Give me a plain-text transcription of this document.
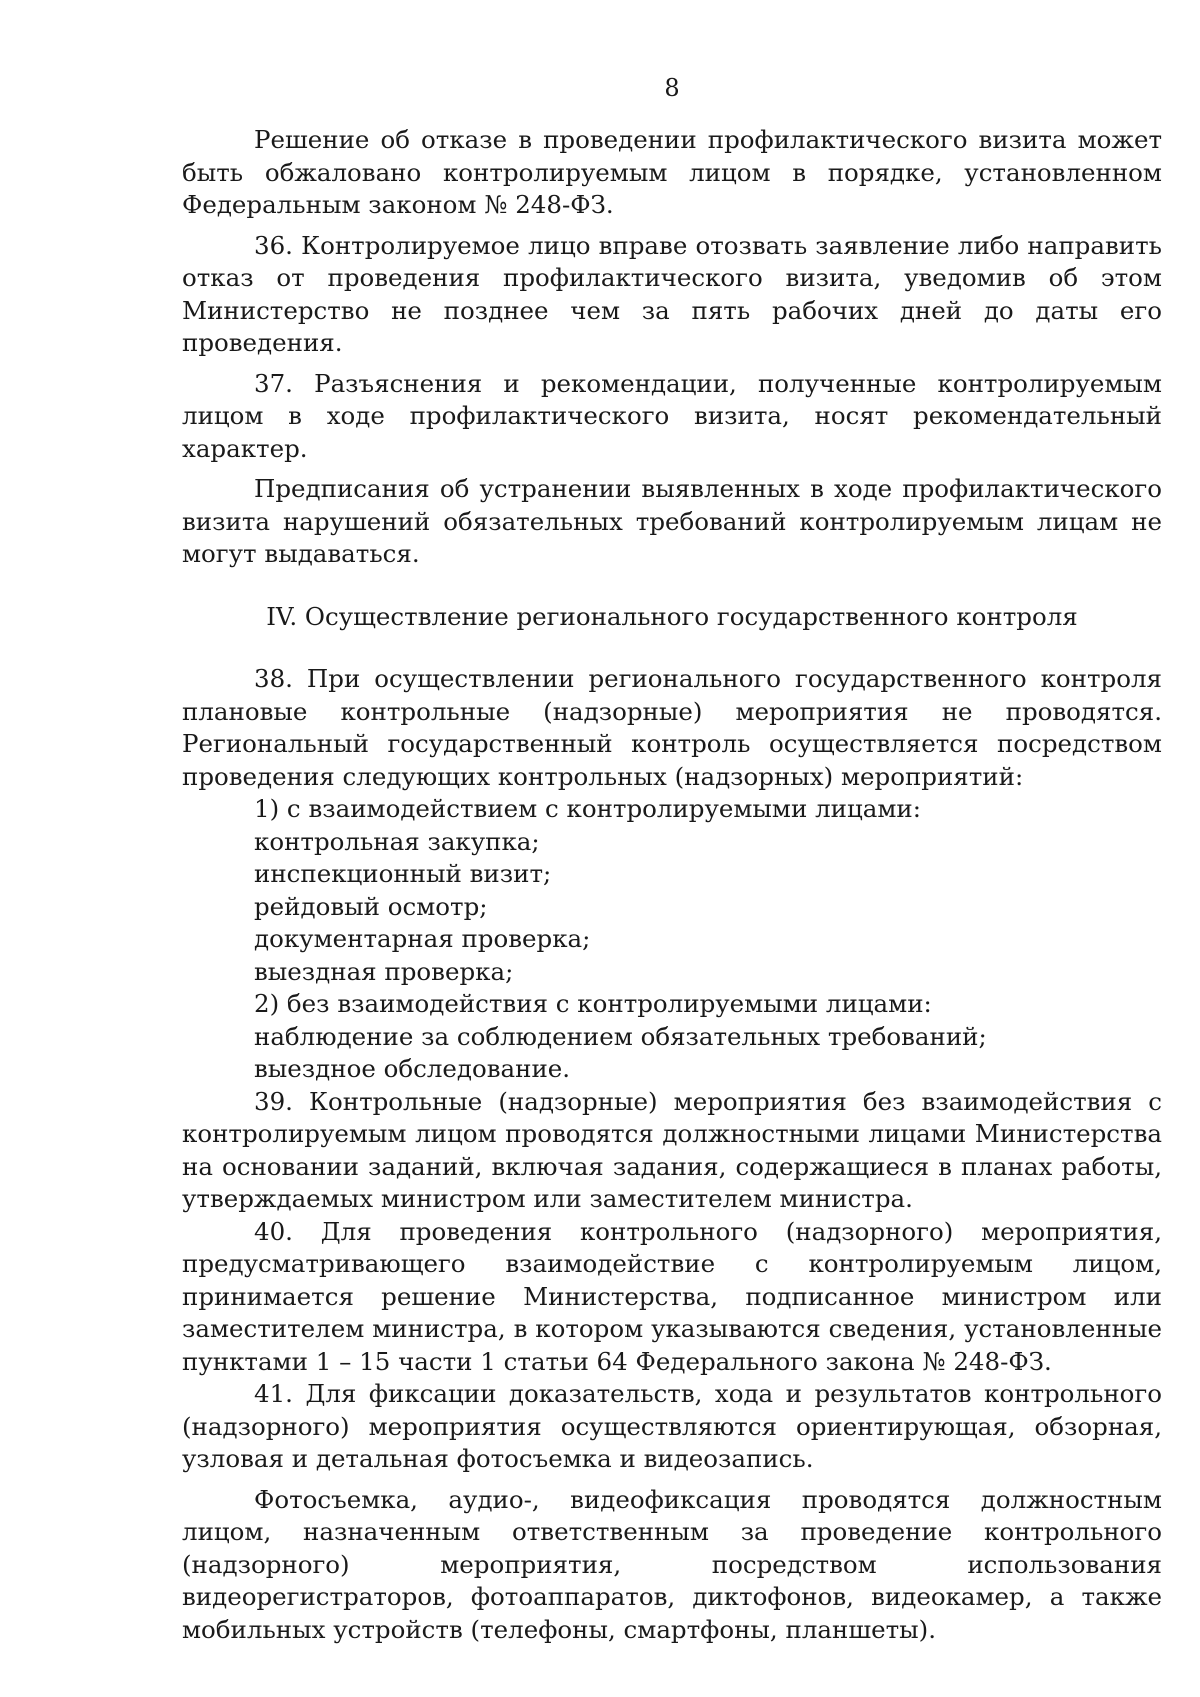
8

Решение об отказе в проведении профилактического визита может быть обжаловано контролируемым лицом в порядке, установленном Федеральным законом № 248-ФЗ.

36. Контролируемое лицо вправе отозвать заявление либо направить отказ от проведения профилактического визита, уведомив об этом Министерство не позднее чем за пять рабочих дней до даты его проведения.

37. Разъяснения и рекомендации, полученные контролируемым лицом в ходе профилактического визита, носят рекомендательный характер.

Предписания об устранении выявленных в ходе профилактического визита нарушений обязательных требований контролируемым лицам не могут выдаваться.

IV. Осуществление регионального государственного контроля

38. При осуществлении регионального государственного контроля плановые контрольные (надзорные) мероприятия не проводятся. Региональный государственный контроль осуществляется посредством проведения следующих контрольных (надзорных) мероприятий:

1) с взаимодействием с контролируемыми лицами:

контрольная закупка;

инспекционный визит;

рейдовый осмотр;

документарная проверка;

выездная проверка;

2) без взаимодействия с контролируемыми лицами:

наблюдение за соблюдением обязательных требований;

выездное обследование.

39. Контрольные (надзорные) мероприятия без взаимодействия с контролируемым лицом проводятся должностными лицами Министерства на основании заданий, включая задания, содержащиеся в планах работы, утверждаемых министром или заместителем министра.

40. Для проведения контрольного (надзорного) мероприятия, предусматривающего взаимодействие с контролируемым лицом, принимается решение Министерства, подписанное министром или заместителем министра, в котором указываются сведения, установленные пунктами 1 – 15 части 1 статьи 64 Федерального закона № 248-ФЗ.

41. Для фиксации доказательств, хода и результатов контрольного (надзорного) мероприятия осуществляются ориентирующая, обзорная, узловая и детальная фотосъемка и видеозапись.

Фотосъемка, аудио-, видеофиксация проводятся должностным лицом, назначенным ответственным за проведение контрольного (надзорного) мероприятия, посредством использования видеорегистраторов, фотоаппаратов, диктофонов, видеокамер, а также мобильных устройств (телефоны, смартфоны, планшеты).
